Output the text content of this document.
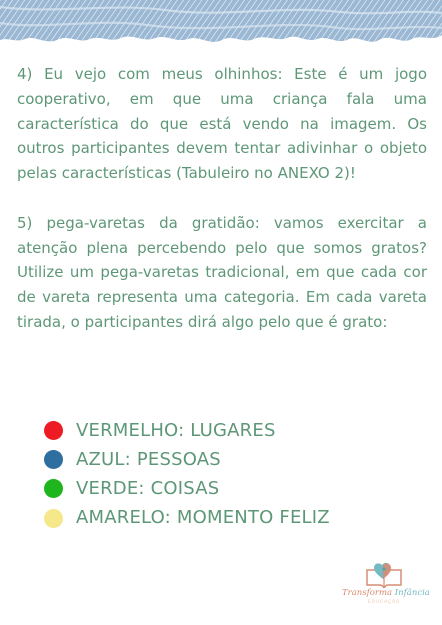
4) Eu vejo com meus olhinhos: Este é um jogo cooperativo, em que uma criança fala uma característica do que está vendo na imagem. Os outros participantes devem tentar adivinhar o objeto pelas características (Tabuleiro no ANEXO 2)!

5) pega-varetas da gratidão: vamos exercitar a atenção plena percebendo pelo que somos gratos? Utilize um pega-varetas tradicional, em que cada cor de vareta representa uma categoria. Em cada vareta tirada, o participantes dirá algo pelo que é grato:

VERMELHO: LUGARES
AZUL: PESSOAS
VERDE: COISAS
AMARELO: MOMENTO FELIZ
Transforma Infância
EDUCAÇÃO
